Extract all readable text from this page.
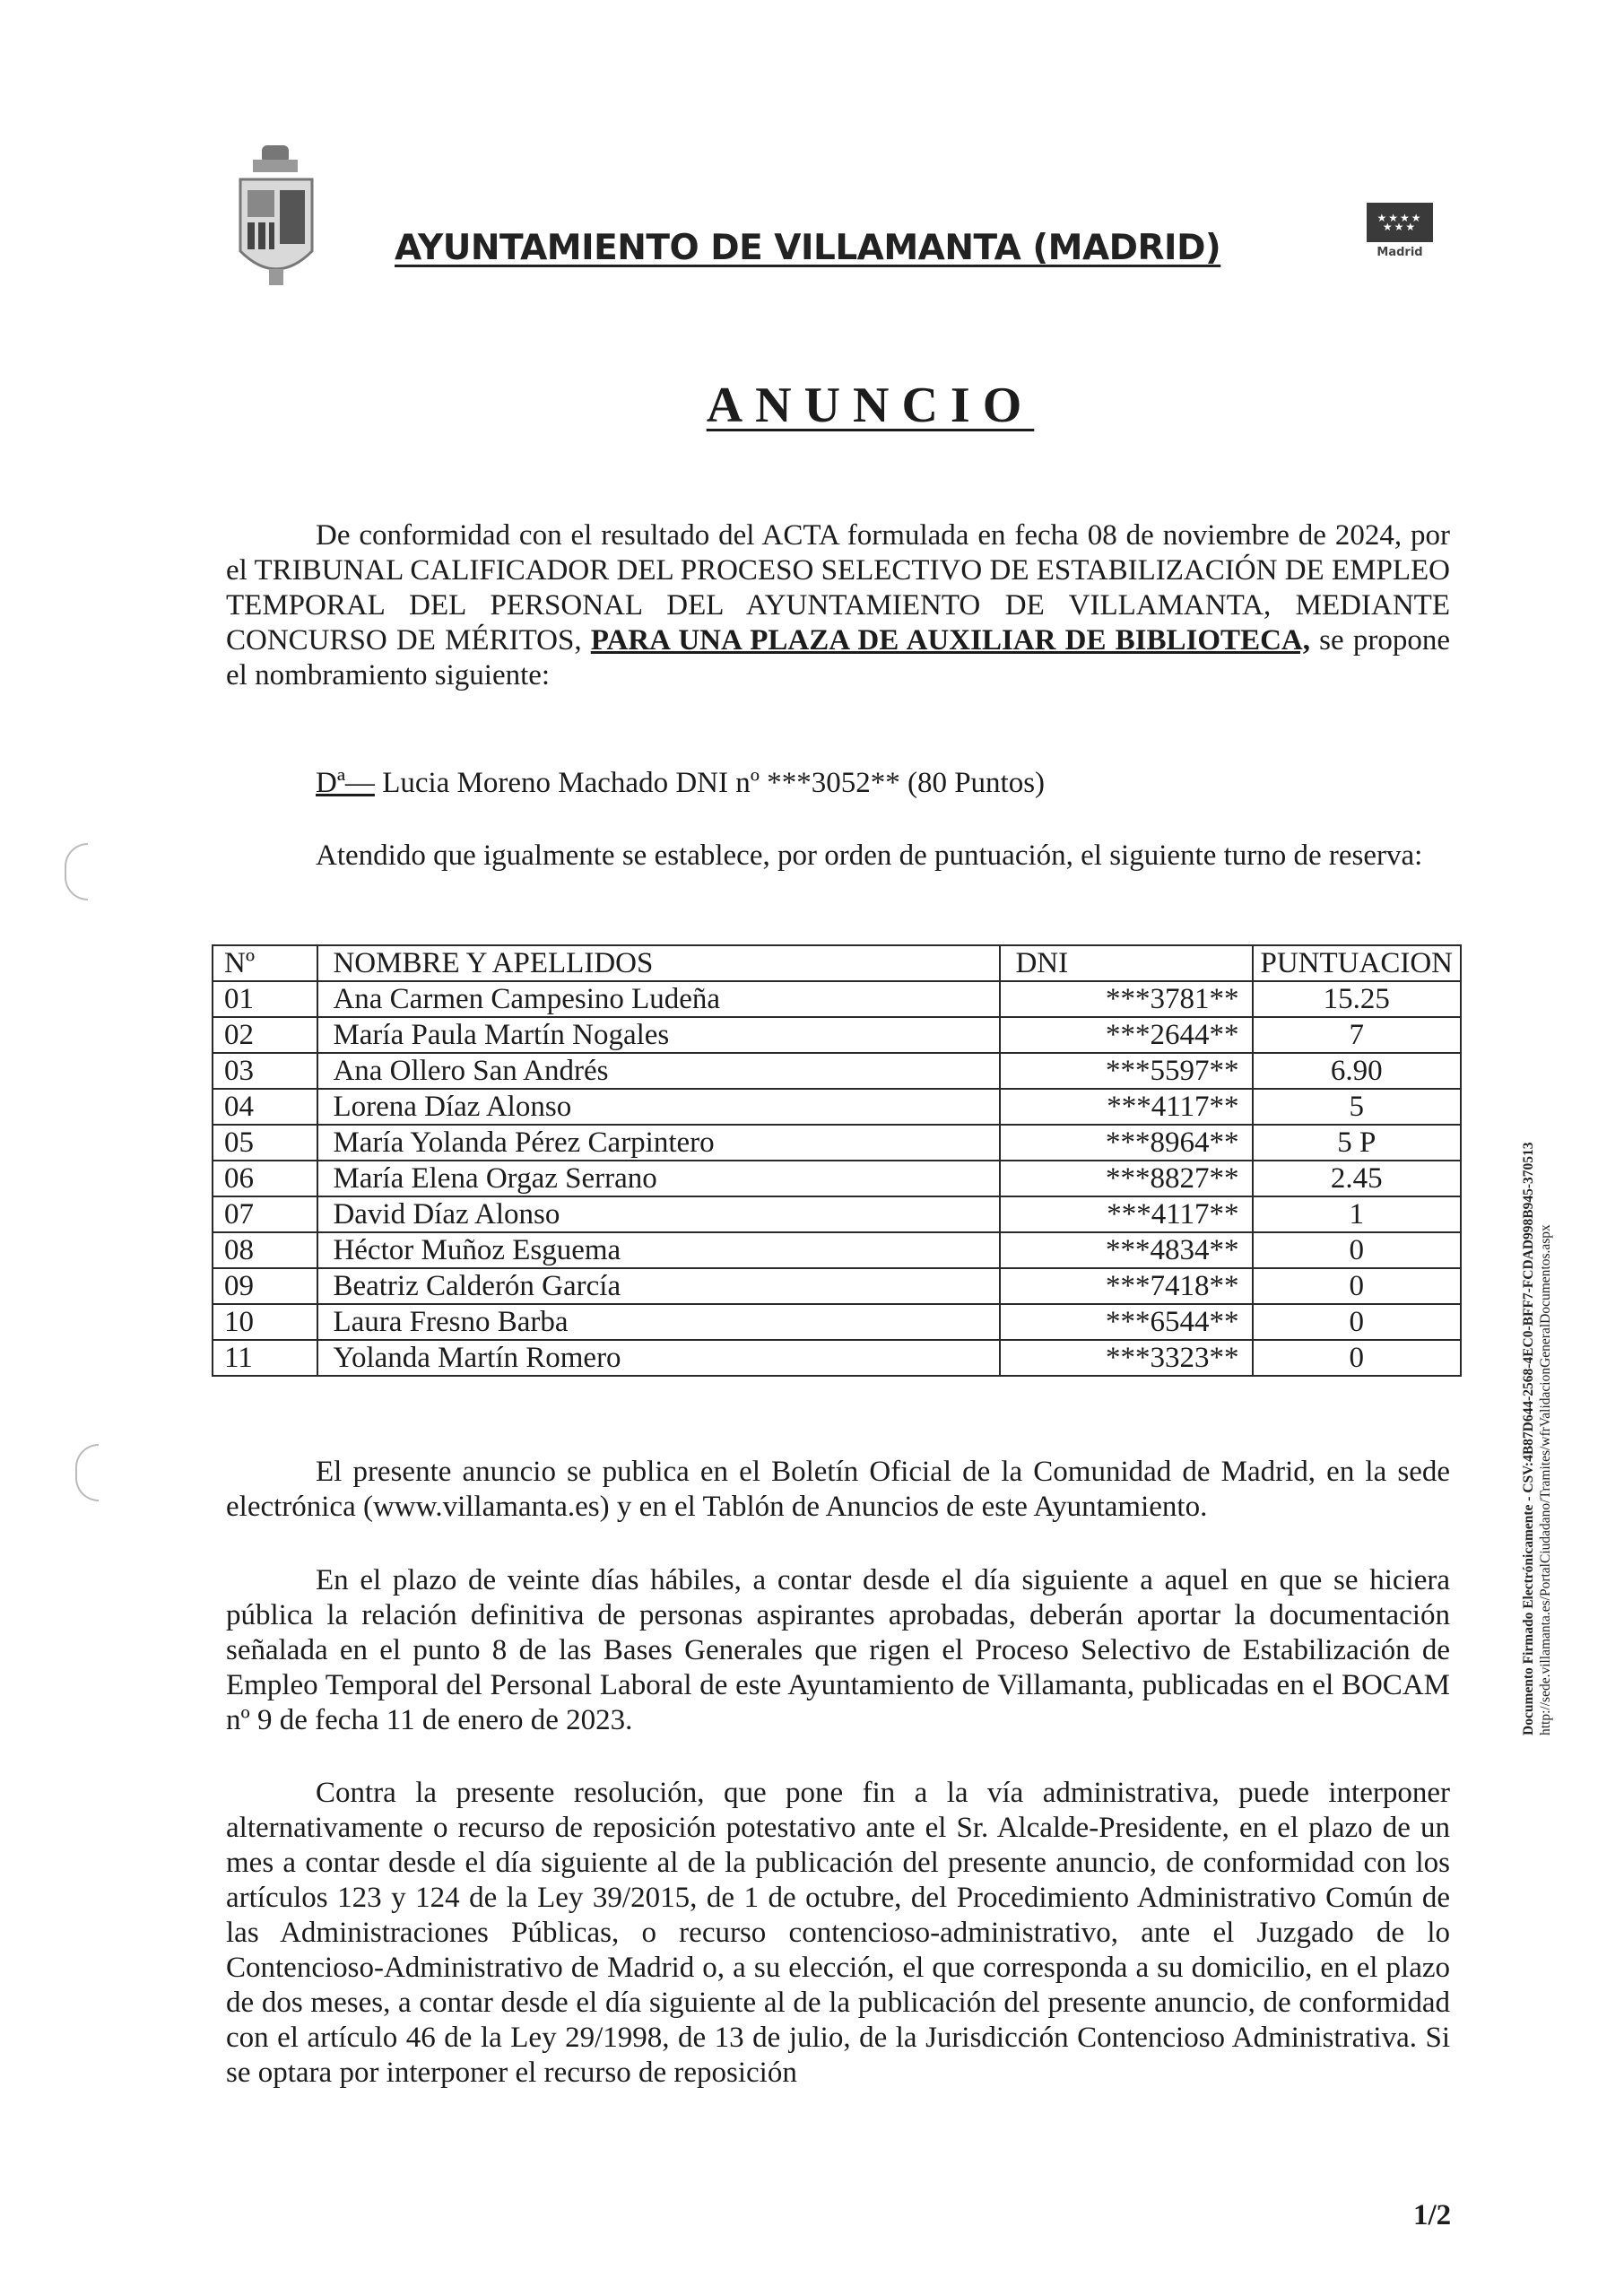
AYUNTAMIENTO DE VILLAMANTA (MADRID)
★★★★
★★★
Madrid
ANUNCIO
De conformidad con el resultado del ACTA formulada en fecha 08 de noviembre de 2024, por el TRIBUNAL CALIFICADOR DEL PROCESO SELECTIVO DE ESTABILIZACIÓN DE EMPLEO TEMPORAL DEL PERSONAL DEL AYUNTAMIENTO DE VILLAMANTA, MEDIANTE CONCURSO DE MÉRITOS, PARA UNA PLAZA DE AUXILIAR DE BIBLIOTECA, se propone el nombramiento siguiente:
Dª— Lucia Moreno Machado DNI nº ***3052** (80 Puntos)
Atendido que igualmente se establece, por orden de puntuación, el siguiente turno de reserva:
Nº	NOMBRE Y APELLIDOS	DNI	PUNTUACION
01	Ana Carmen Campesino Ludeña	***3781**	15.25
02	María Paula Martín Nogales	***2644**	7
03	Ana Ollero San Andrés	***5597**	6.90
04	Lorena Díaz Alonso	***4117**	5
05	María Yolanda Pérez Carpintero	***8964**	5 P
06	María Elena Orgaz Serrano	***8827**	2.45
07	David Díaz Alonso	***4117**	1
08	Héctor Muñoz Esguema	***4834**	0
09	Beatriz Calderón García	***7418**	0
10	Laura Fresno Barba	***6544**	0
11	Yolanda Martín Romero	***3323**	0
El presente anuncio se publica en el Boletín Oficial de la Comunidad de Madrid, en la sede electrónica (www.villamanta.es) y en el Tablón de Anuncios de este Ayuntamiento.
En el plazo de veinte días hábiles, a contar desde el día siguiente a aquel en que se hiciera pública la relación definitiva de personas aspirantes aprobadas, deberán aportar la documentación señalada en el punto 8 de las Bases Generales que rigen el Proceso Selectivo de Estabilización de Empleo Temporal del Personal Laboral de este Ayuntamiento de Villamanta, publicadas en el BOCAM nº 9 de fecha 11 de enero de 2023.
Contra la presente resolución, que pone fin a la vía administrativa, puede interponer alternativamente o recurso de reposición potestativo ante el Sr. Alcalde-Presidente, en el plazo de un mes a contar desde el día siguiente al de la publicación del presente anuncio, de conformidad con los artículos 123 y 124 de la Ley 39/2015, de 1 de octubre, del Procedimiento Administrativo Común de las Administraciones Públicas, o recurso contencioso-administrativo, ante el Juzgado de lo Contencioso-Administrativo de Madrid o, a su elección, el que corresponda a su domicilio, en el plazo de dos meses, a contar desde el día siguiente al de la publicación del presente anuncio, de conformidad con el artículo 46 de la Ley 29/1998, de 13 de julio, de la Jurisdicción Contencioso Administrativa. Si se optara por interponer el recurso de reposición
1/2
Documento Firmado Electrónicamente - CSV:4B87D644-2568-4EC0-BFF7-FCDAD998B945-370513 http://sede.villamanta.es/PortalCiudadano/Tramites/wfrValidacionGeneralDocumentos.aspx
